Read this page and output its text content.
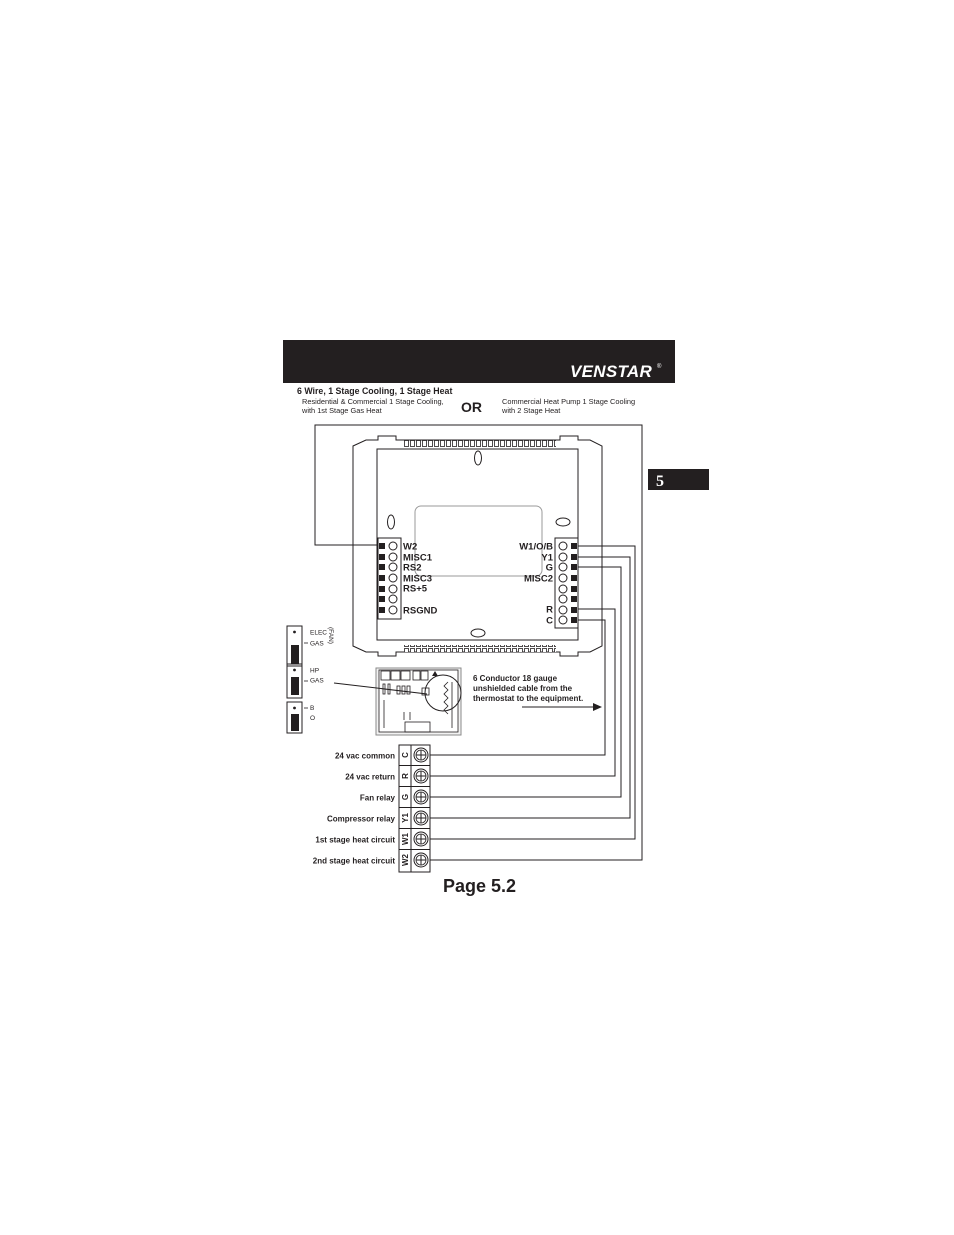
VENSTAR ®
6 Wire, 1 Stage Cooling, 1 Stage Heat
Residential & Commercial 1 Stage Cooling,
with 1st Stage Gas Heat	OR	Commercial Heat Pump 1 Stage Cooling
with 2 Stage Heat
5
W2
MISC1
RS2
MISC3
RS+5
RSGND
W1/O/B
Y1
G
MISC2
R
C
ELEC
GAS
(FAN)
HP
GAS
B
O
6 Conductor 18 gauge
unshielded cable from the
thermostat to the equipment.
C
R
G
Y1
W1
W2
24 vac common
24 vac return
Fan relay
Compressor relay
1st stage heat circuit
2nd stage heat circuit
Page 5.2
